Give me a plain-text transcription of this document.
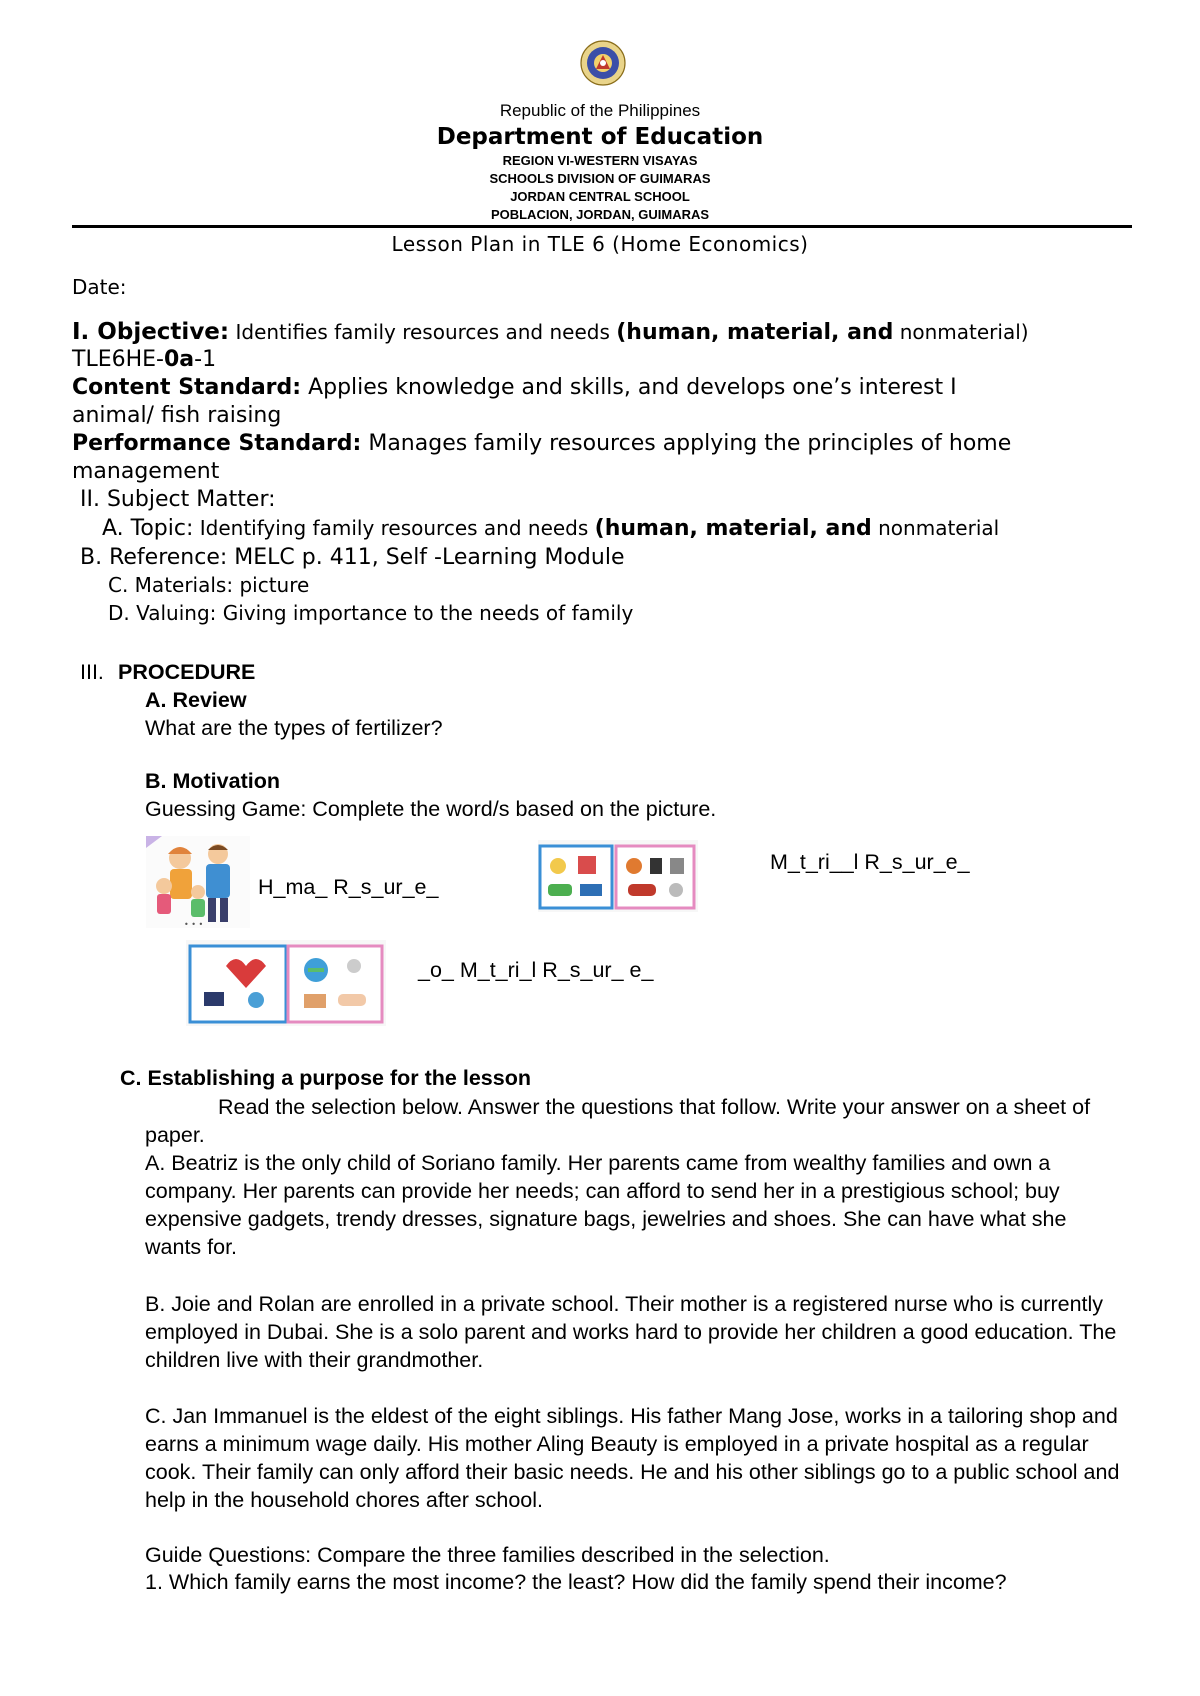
Republic of the Philippines
Department of Education
REGION VI-WESTERN VISAYAS
SCHOOLS DIVISION OF GUIMARAS
JORDAN CENTRAL SCHOOL
POBLACION, JORDAN, GUIMARAS
Lesson Plan in TLE 6 (Home Economics)
Date:
I. Objective: Identifies family resources and needs (human, material, and nonmaterial)
TLE6HE-0a-1
Content Standard: Applies knowledge and skills, and develops one’s interest I
animal/ fish raising
Performance Standard: Manages family resources applying the principles of home
management
II. Subject Matter:
A. Topic: Identifying family resources and needs (human, material, and nonmaterial
B. Reference: MELC p. 411, Self -Learning Module
C. Materials: picture
D. Valuing: Giving importance to the needs of family
III. PROCEDURE
A. Review
What are the types of fertilizer?
B. Motivation
Guessing Game: Complete the word/s based on the picture.
• • •
H_ma_ R_s_ur_e_
M_t_ri__l R_s_ur_e_
_o_ M_t_ri_l R_s_ur_ e_
C. Establishing a purpose for the lesson
Read the selection below. Answer the questions that follow. Write your answer on a sheet of paper.
A. Beatriz is the only child of Soriano family. Her parents came from wealthy families and own a company. Her parents can provide her needs; can afford to send her in a prestigious school; buy expensive gadgets, trendy dresses, signature bags, jewelries and shoes. She can have what she wants for.
B. Joie and Rolan are enrolled in a private school. Their mother is a registered nurse who is currently employed in Dubai. She is a solo parent and works hard to provide her children a good education. The children live with their grandmother.
C. Jan Immanuel is the eldest of the eight siblings. His father Mang Jose, works in a tailoring shop and earns a minimum wage daily. His mother Aling Beauty is employed in a private hospital as a regular cook. Their family can only afford their basic needs. He and his other siblings go to a public school and help in the household chores after school.
Guide Questions: Compare the three families described in the selection.
1. Which family earns the most income? the least? How did the family spend their income?
